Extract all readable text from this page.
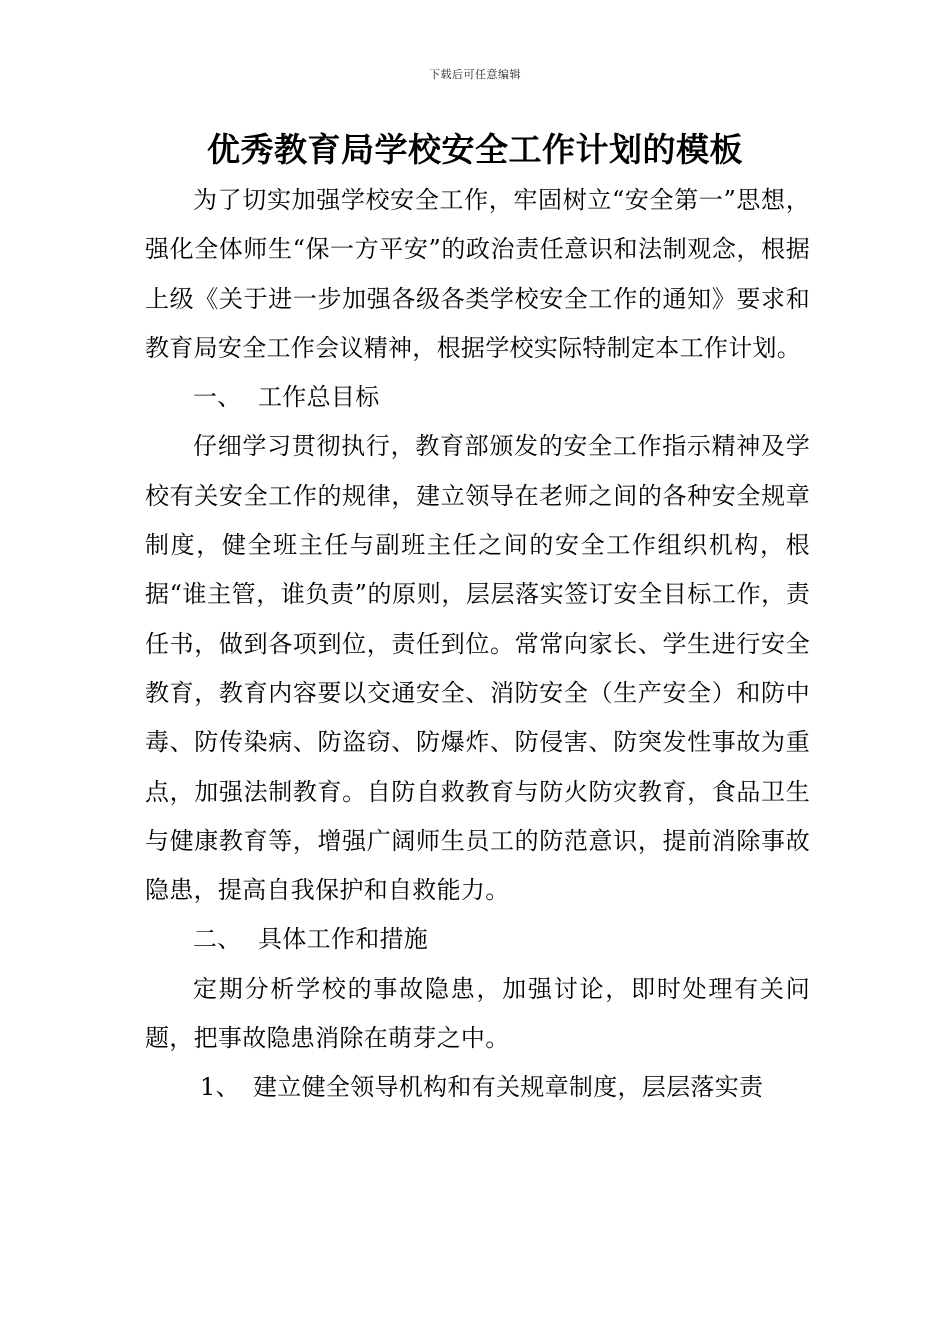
下载后可任意编辑
优秀教育局学校安全工作计划的模板

为了切实加强学校安全工作，牢固树立“安全第一”思想，强化全体师生“保一方平安”的政治责任意识和法制观念，根据上级《关于进一步加强各级各类学校安全工作的通知》要求和教育局安全工作会议精神，根据学校实际特制定本工作计划。

一、 工作总目标

仔细学习贯彻执行，教育部颁发的安全工作指示精神及学校有关安全工作的规律，建立领导在老师之间的各种安全规章制度，健全班主任与副班主任之间的安全工作组织机构，根据“谁主管，谁负责”的原则，层层落实签订安全目标工作，责任书，做到各项到位，责任到位。常常向家长、学生进行安全教育，教育内容要以交通安全、消防安全（生产安全）和防中毒、防传染病、防盗窃、防爆炸、防侵害、防突发性事故为重点，加强法制教育。自防自救教育与防火防灾教育，食品卫生与健康教育等，增强广阔师生员工的防范意识，提前消除事故隐患，提高自我保护和自救能力。

二、 具体工作和措施

定期分析学校的事故隐患，加强讨论，即时处理有关问题，把事故隐患消除在萌芽之中。

1、 建立健全领导机构和有关规章制度，层层落实责
